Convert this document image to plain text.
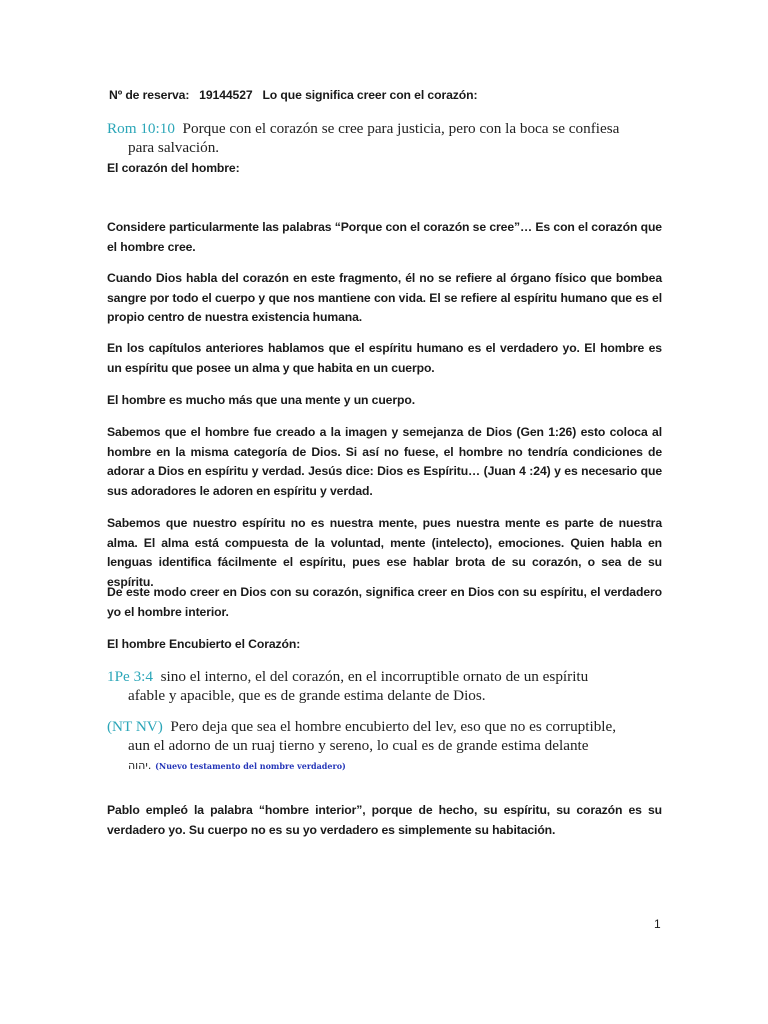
Nº de reserva: 19144527 Lo que significa creer con el corazón:

Rom 10:10 Porque con el corazón se cree para justicia, pero con la boca se confiesa
para salvación.

El corazón del hombre:

Considere particularmente las palabras “Porque con el corazón se cree”… Es con el corazón que el hombre cree.

Cuando Dios habla del corazón en este fragmento, él no se refiere al órgano físico que bombea sangre por todo el cuerpo y que nos mantiene con vida. El se refiere al espíritu humano que es el propio centro de nuestra existencia humana.

En los capítulos anteriores hablamos que el espíritu humano es el verdadero yo. El hombre es un espíritu que posee un alma y que habita en un cuerpo.

El hombre es mucho más que una mente y un cuerpo.

Sabemos que el hombre fue creado a la imagen y semejanza de Dios (Gen 1:26) esto coloca al hombre en la misma categoría de Dios. Si así no fuese, el hombre no tendría condiciones de adorar a Dios en espíritu y verdad. Jesús dice: Dios es Espíritu… (Juan 4 :24) y es necesario que sus adoradores le adoren en espíritu y verdad.

Sabemos que nuestro espíritu no es nuestra mente, pues nuestra mente es parte de nuestra alma. El alma está compuesta de la voluntad, mente (intelecto), emociones. Quien habla en lenguas identifica fácilmente el espíritu, pues ese hablar brota de su corazón, o sea de su espíritu.

De este modo creer en Dios con su corazón, significa creer en Dios con su espíritu, el verdadero yo el hombre interior.

El hombre Encubierto el Corazón:

1Pe 3:4 sino el interno, el del corazón, en el incorruptible ornato de un espíritu
afable y apacible, que es de grande estima delante de Dios.

(NT NV) Pero deja que sea el hombre encubierto del lev, eso que no es corruptible,
aun el adorno de un ruaj tierno y sereno, lo cual es de grande estima delante
יהוה. (Nuevo testamento del nombre verdadero)

Pablo empleó la palabra “hombre interior”, porque de hecho, su espíritu, su corazón es su verdadero yo. Su cuerpo no es su yo verdadero es simplemente su habitación.

1
